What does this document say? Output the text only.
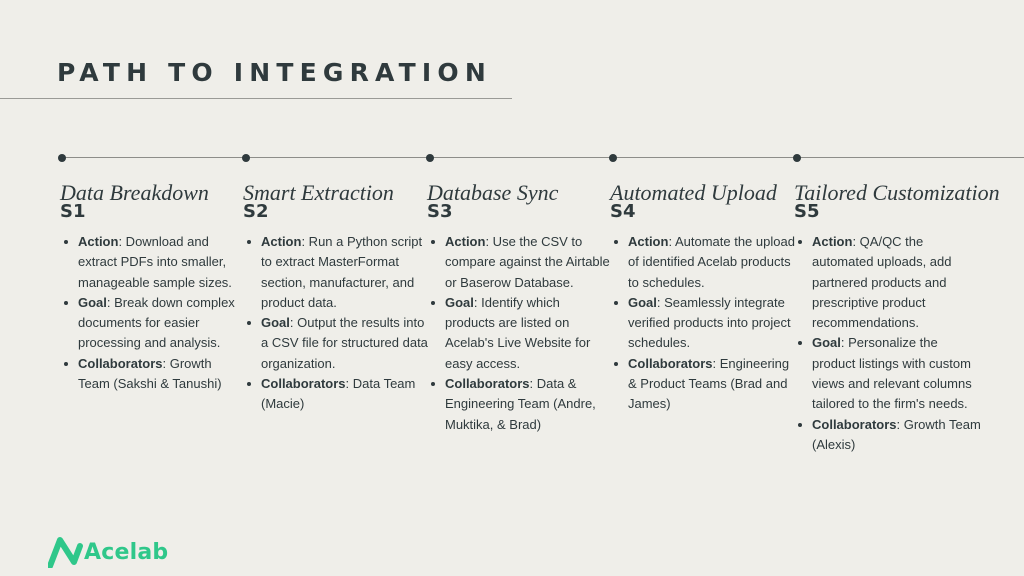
PATH TO INTEGRATION
Data Breakdown
S1
Action: Download and extract PDFs into smaller, manageable sample sizes.
Goal: Break down complex documents for easier processing and analysis.
Collaborators: Growth Team (Sakshi & Tanushi)
Smart Extraction
S2
Action: Run a Python script to extract MasterFormat section, manufacturer, and product data.
Goal: Output the results into a CSV file for structured data organization.
Collaborators: Data Team (Macie)
Database Sync
S3
Action: Use the CSV to compare against the Airtable or Baserow Database.
Goal: Identify which products are listed on Acelab's Live Website for easy access.
Collaborators: Data & Engineering Team (Andre, Muktika, & Brad)
Automated Upload
S4
Action: Automate the upload of identified Acelab products to schedules.
Goal: Seamlessly integrate verified products into project schedules.
Collaborators: Engineering & Product Teams (Brad and James)
Tailored Customization
S5
Action: QA/QC the automated uploads, add partnered products and prescriptive product recommendations.
Goal: Personalize the product listings with custom views and relevant columns tailored to the firm's needs.
Collaborators: Growth Team (Alexis)
Acelab
